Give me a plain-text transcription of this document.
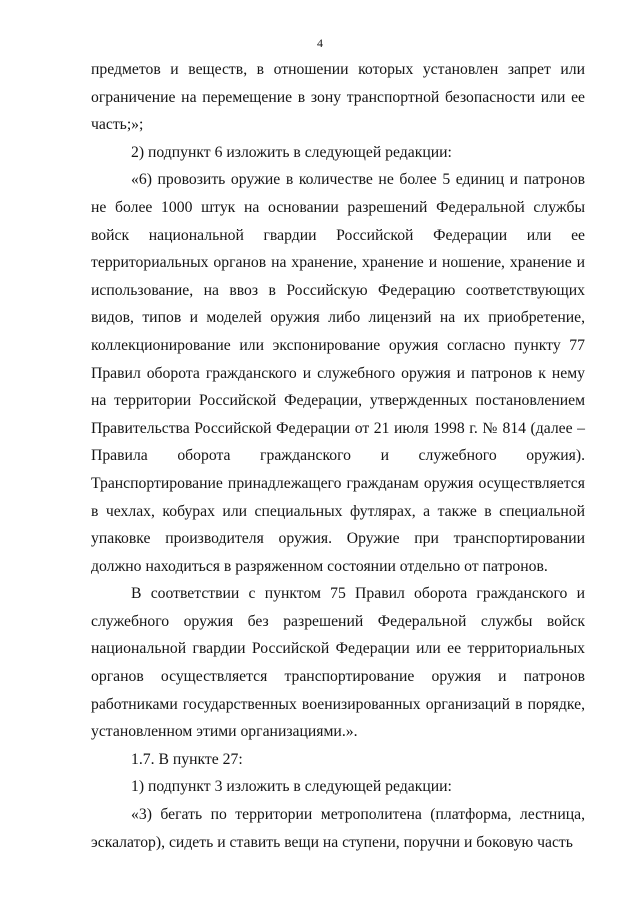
4

предметов и веществ, в отношении которых установлен запрет или ограничение на перемещение в зону транспортной безопасности или ее часть;»;

2) подпункт 6 изложить в следующей редакции:

«6) провозить оружие в количестве не более 5 единиц и патронов не более 1000 штук на основании разрешений Федеральной службы войск национальной гвардии Российской Федерации или ее территориальных органов на хранение, хранение и ношение, хранение и использование, на ввоз в Российскую Федерацию соответствующих видов, типов и моделей оружия либо лицензий на их приобретение, коллекционирование или экспонирование оружия согласно пункту 77 Правил оборота гражданского и служебного оружия и патронов к нему на территории Российской Федерации, утвержденных постановлением Правительства Российской Федерации от 21 июля 1998 г. № 814 (далее – Правила оборота гражданского и служебного оружия). Транспортирование принадлежащего гражданам оружия осуществляется в чехлах, кобурах или специальных футлярах, а также в специальной упаковке производителя оружия. Оружие при транспортировании должно находиться в разряженном состоянии отдельно от патронов.

В соответствии с пунктом 75 Правил оборота гражданского и служебного оружия без разрешений Федеральной службы войск национальной гвардии Российской Федерации или ее территориальных органов осуществляется транспортирование оружия и патронов работниками государственных военизированных организаций в порядке, установленном этими организациями.».

1.7. В пункте 27:

1) подпункт 3 изложить в следующей редакции:

«3) бегать по территории метрополитена (платформа, лестница, эскалатор), сидеть и ставить вещи на ступени, поручни и боковую часть
